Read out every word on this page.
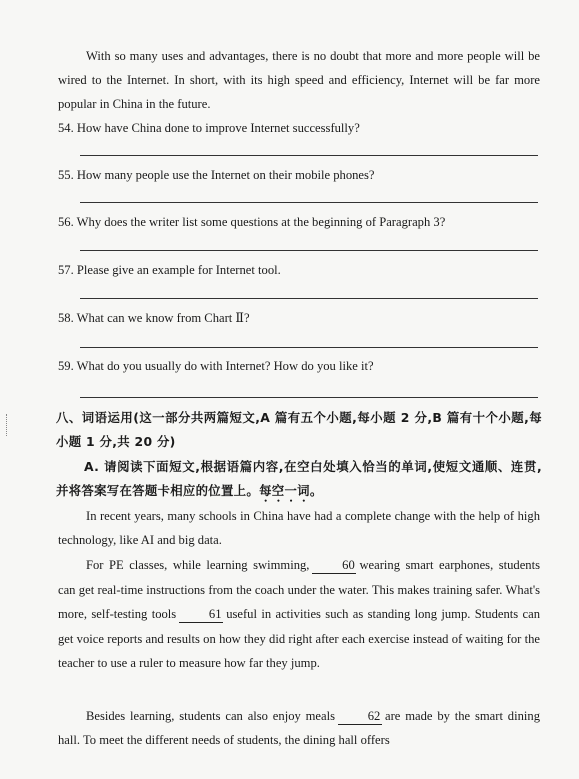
With so many uses and advantages, there is no doubt that more and more people will be wired to the Internet. In short, with its high speed and efficiency, Internet will be far more popular in China in the future.

54. How have China done to improve Internet successfully?
55. How many people use the Internet on their mobile phones?
56. Why does the writer list some questions at the beginning of Paragraph 3?
57. Please give an example for Internet tool.
58. What can we know from Chart Ⅱ?
59. What do you usually do with Internet? How do you like it?

八、词语运用(这一部分共两篇短文,A 篇有五个小题,每小题 2 分,B 篇有十个小题,每小题 1 分,共 20 分)

A. 请阅读下面短文,根据语篇内容,在空白处填入恰当的单词,使短文通顺、连贯,并将答案写在答题卡相应的位置上。每空一词。

In recent years, many schools in China have had a complete change with the help of high technology, like AI and big data.

For PE classes, while learning swimming,	60 wearing smart earphones, students can get real-time instructions from the coach under the water. This makes training safer. What's more, self-testing tools	61 useful in activities such as standing long jump. Students can get voice reports and results on how they did right after each exercise instead of waiting for the teacher to use a ruler to measure how far they jump.

Besides learning, students can also enjoy meals	62 are made by the smart dining hall. To meet the different needs of students, the dining hall offers
